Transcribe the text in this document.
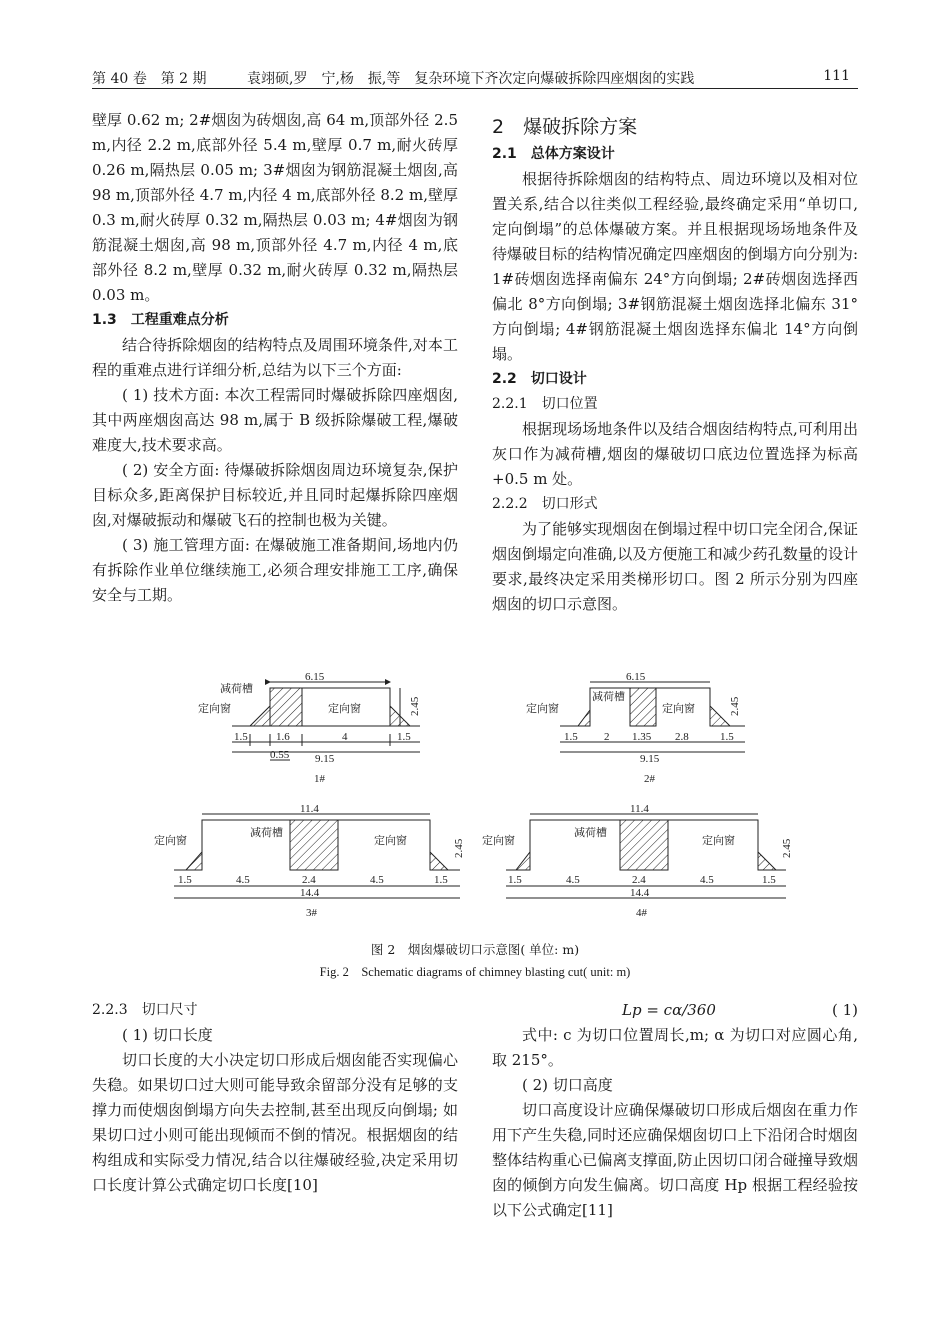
第 40 卷　第 2 期	袁翊硕,罗　宁,杨　振,等　复杂环境下齐次定向爆破拆除四座烟囱的实践	111

壁厚 0.62 m; 2#烟囱为砖烟囱,高 64 m,顶部外径 2.5 m,内径 2.2 m,底部外径 5.4 m,壁厚 0.7 m,耐火砖厚 0.26 m,隔热层 0.05 m; 3#烟囱为钢筋混凝土烟囱,高 98 m,顶部外径 4.7 m,内径 4 m,底部外径 8.2 m,壁厚 0.3 m,耐火砖厚 0.32 m,隔热层 0.03 m; 4#烟囱为钢筋混凝土烟囱,高 98 m,顶部外径 4.7 m,内径 4 m,底部外径 8.2 m,壁厚 0.32 m,耐火砖厚 0.32 m,隔热层 0.03 m。

1.3　工程重难点分析

结合待拆除烟囱的结构特点及周围环境条件,对本工程的重难点进行详细分析,总结为以下三个方面:

( 1) 技术方面: 本次工程需同时爆破拆除四座烟囱,其中两座烟囱高达 98 m,属于 B 级拆除爆破工程,爆破难度大,技术要求高。

( 2) 安全方面: 待爆破拆除烟囱周边环境复杂,保护目标众多,距离保护目标较近,并且同时起爆拆除四座烟囱,对爆破振动和爆破飞石的控制也极为关键。

( 3) 施工管理方面: 在爆破施工准备期间,场地内仍有拆除作业单位继续施工,必须合理安排施工工序,确保安全与工期。

2　爆破拆除方案

2.1　总体方案设计

根据待拆除烟囱的结构特点、周边环境以及相对位置关系,结合以往类似工程经验,最终确定采用“单切口,定向倒塌”的总体爆破方案。并且根据现场场地条件及待爆破目标的结构情况确定四座烟囱的倒塌方向分别为: 1#砖烟囱选择南偏东 24°方向倒塌; 2#砖烟囱选择西偏北 8°方向倒塌; 3#钢筋混凝土烟囱选择北偏东 31°方向倒塌; 4#钢筋混凝土烟囱选择东偏北 14°方向倒塌。

2.2　切口设计

2.2.1　切口位置

根据现场场地条件以及结合烟囱结构特点,可利用出灰口作为减荷槽,烟囱的爆破切口底边位置选择为标高 +0.5 m 处。

2.2.2　切口形式

为了能够实现烟囱在倒塌过程中切口完全闭合,保证烟囱倒塌定向准确,以及方便施工和减少药孔数量的设计要求,最终决定采用类梯形切口。图 2 所示分别为四座烟囱的切口示意图。

6.15
2.45
1.5	1.6	4	1.5
0.55 9.15
1#
减荷槽
定向窗	定向窗
6.15
2.45
1.5 2 1.35 2.8	1.5
9.15
2#
减荷槽
定向窗	定向窗
11.4
2.45
1.5	4.5	2.4	4.5	1.5
14.4
3#
减荷槽
定向窗	定向窗
11.4
2.45
1.5	4.5	2.4	4.5	1.5
14.4
4#
减荷槽
定向窗	定向窗
图 2　烟囱爆破切口示意图( 单位: m)
Fig. 2　Schematic diagrams of chimney blasting cut( unit: m)

2.2.3　切口尺寸

( 1) 切口长度

切口长度的大小决定切口形成后烟囱能否实现偏心失稳。如果切口过大则可能导致余留部分没有足够的支撑力而使烟囱倒塌方向失去控制,甚至出现反向倒塌; 如果切口过小则可能出现倾而不倒的情况。根据烟囱的结构组成和实际受力情况,结合以往爆破经验,决定采用切口长度计算公式确定切口长度[10]

Lp = cα/360	( 1)

式中: c 为切口位置周长,m; α 为切口对应圆心角,取 215°。

( 2) 切口高度

切口高度设计应确保爆破切口形成后烟囱在重力作用下产生失稳,同时还应确保烟囱切口上下沿闭合时烟囱整体结构重心已偏离支撑面,防止因切口闭合碰撞导致烟囱的倾倒方向发生偏离。切口高度 Hp 根据工程经验按以下公式确定[11]
